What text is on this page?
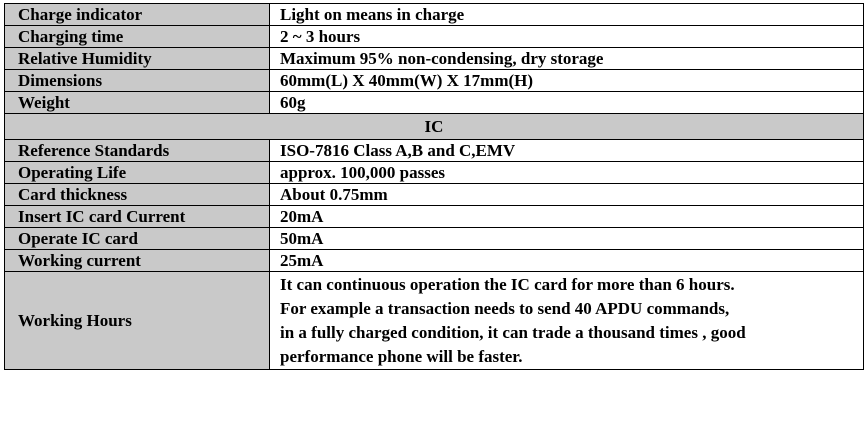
Charge indicator	Light on means in charge
Charging time	2 ~ 3 hours
Relative Humidity	Maximum 95% non-condensing, dry storage
Dimensions	60mm(L) X 40mm(W) X 17mm(H)
Weight	60g
IC	
Reference Standards	ISO-7816 Class A,B and C,EMV
Operating Life	approx. 100,000 passes
Card thickness	About 0.75mm
Insert IC card Current	20mA
Operate IC card	50mA
Working current	25mA
Working Hours	It can continuous operation the IC card for more than 6 hours.
For example a transaction needs to send 40 APDU commands,
in a fully charged condition, it can trade a thousand times , good
performance phone will be faster.
